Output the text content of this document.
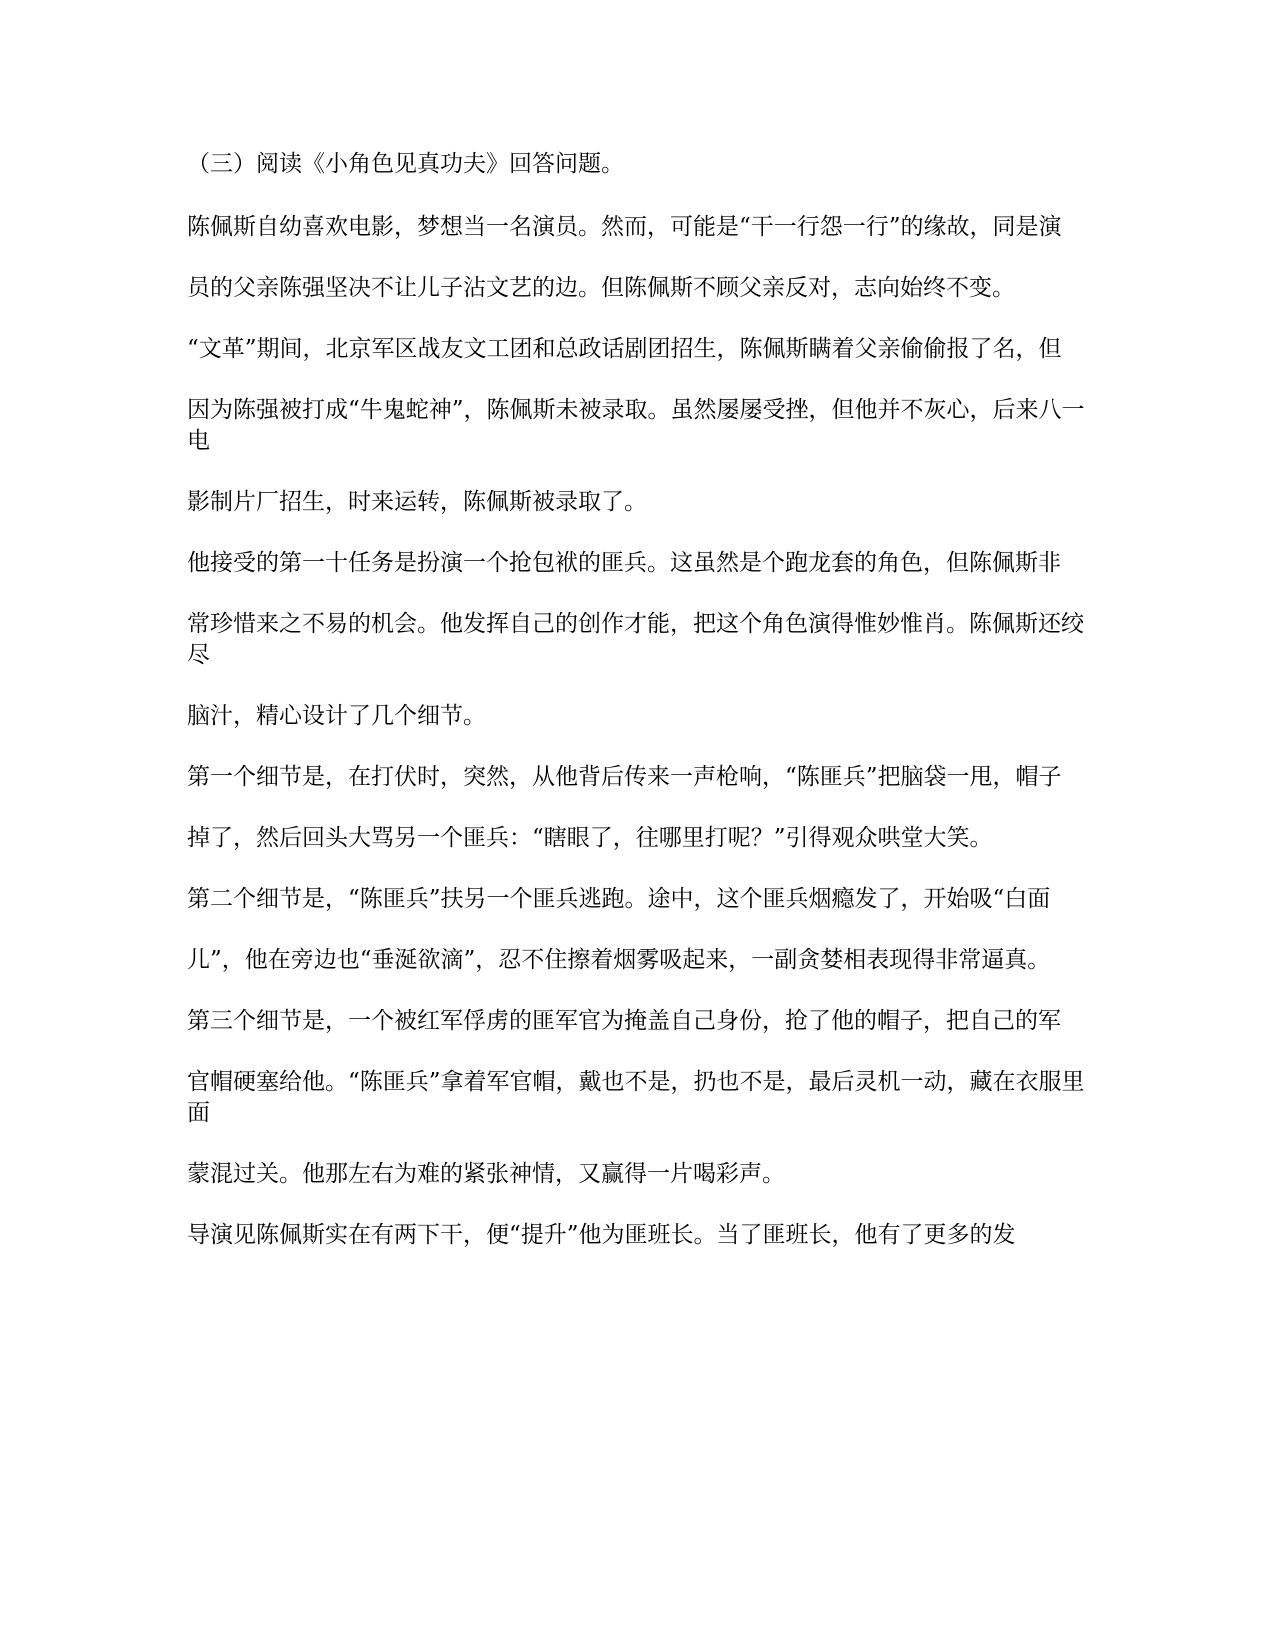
（三）阅读《小角色见真功夫》回答问题。
陈佩斯自幼喜欢电影，梦想当一名演员。然而，可能是“干一行怨一行”的缘故，同是演
员的父亲陈强坚决不让儿子沾文艺的边。但陈佩斯不顾父亲反对，志向始终不变。
“文革”期间，北京军区战友文工团和总政话剧团招生，陈佩斯瞒着父亲偷偷报了名，但
因为陈强被打成“牛鬼蛇神”，陈佩斯未被录取。虽然屡屡受挫，但他并不灰心，后来八一电
影制片厂招生，时来运转，陈佩斯被录取了。
他接受的第一十任务是扮演一个抢包袱的匪兵。这虽然是个跑龙套的角色，但陈佩斯非
常珍惜来之不易的机会。他发挥自己的创作才能，把这个角色演得惟妙惟肖。陈佩斯还绞尽
脑汁，精心设计了几个细节。
第一个细节是，在打伏时，突然，从他背后传来一声枪响，“陈匪兵”把脑袋一甩，帽子
掉了，然后回头大骂另一个匪兵：“瞎眼了，往哪里打呢？”引得观众哄堂大笑。
第二个细节是，“陈匪兵”扶另一个匪兵逃跑。途中，这个匪兵烟瘾发了，开始吸“白面
儿”，他在旁边也“垂涎欲滴”，忍不住擦着烟雾吸起来，一副贪婪相表现得非常逼真。
第三个细节是，一个被红军俘虏的匪军官为掩盖自己身份，抢了他的帽子，把自己的军
官帽硬塞给他。“陈匪兵”拿着军官帽，戴也不是，扔也不是，最后灵机一动，藏在衣服里面
蒙混过关。他那左右为难的紧张神情，又赢得一片喝彩声。
导演见陈佩斯实在有两下干，便“提升”他为匪班长。当了匪班长，他有了更多的发
